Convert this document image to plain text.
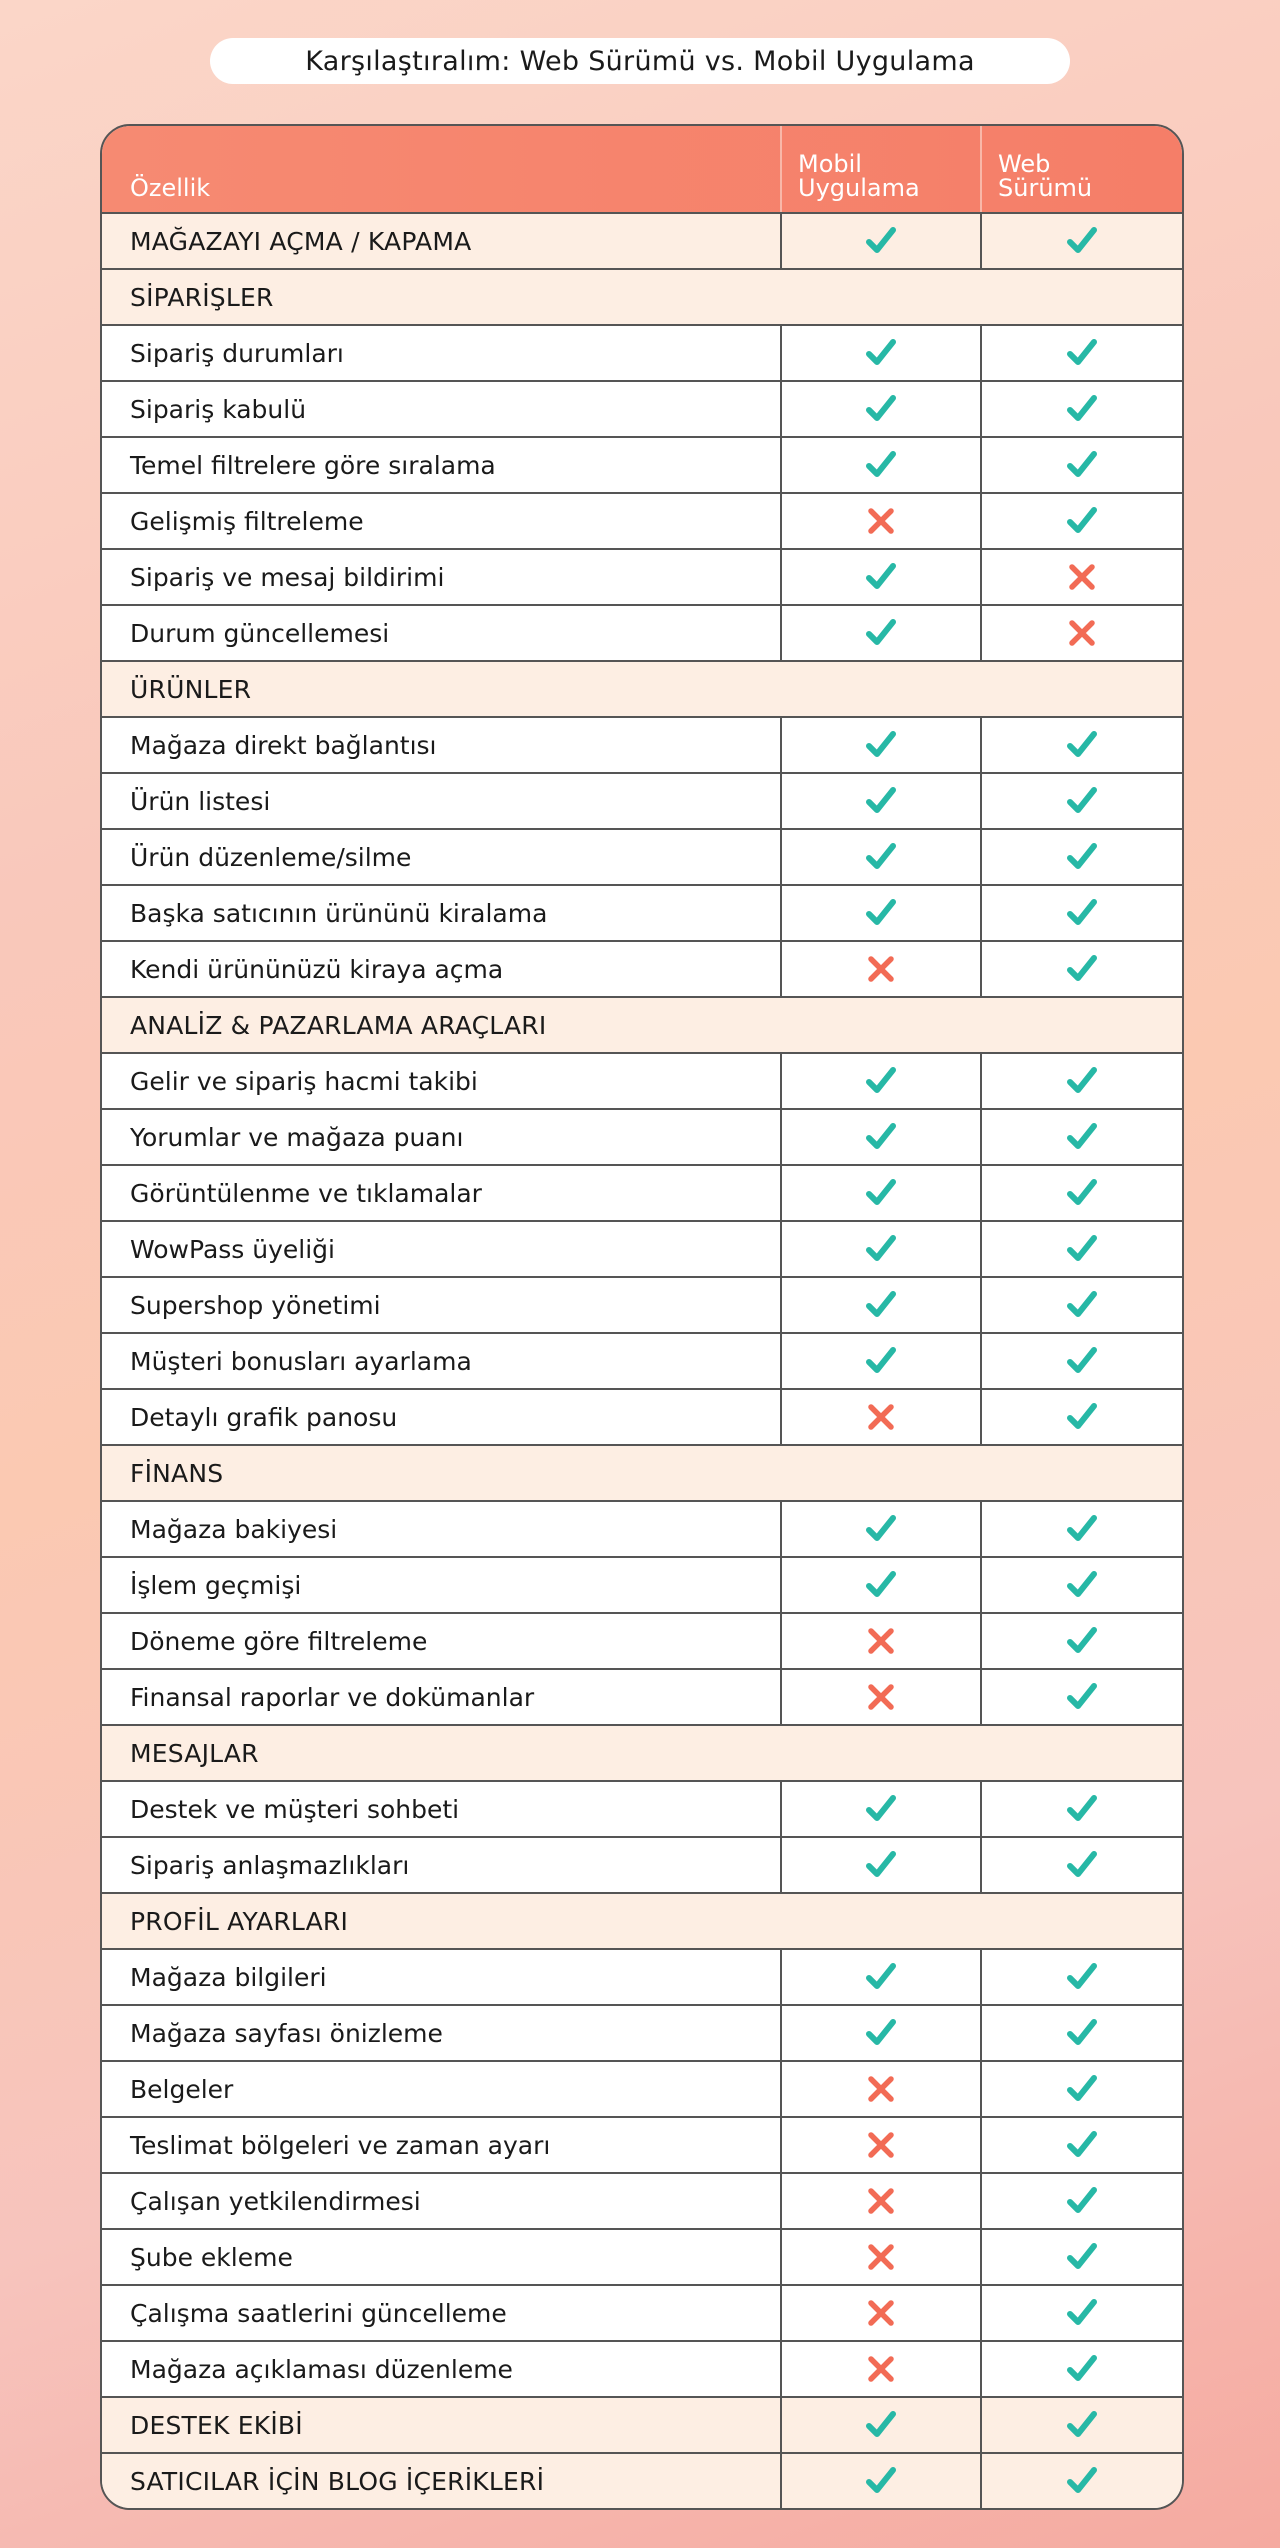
Karşılaştıralım: Web Sürümü vs. Mobil Uygulama
Özellik
Mobil
Uygulama
Web
Sürümü
MAĞAZAYI AÇMA / KAPAMA
SİPARİŞLER
Sipariş durumları
Sipariş kabulü
Temel filtrelere göre sıralama
Gelişmiş filtreleme
Sipariş ve mesaj bildirimi
Durum güncellemesi
ÜRÜNLER
Mağaza direkt bağlantısı
Ürün listesi
Ürün düzenleme/silme
Başka satıcının ürününü kiralama
Kendi ürününüzü kiraya açma
ANALİZ & PAZARLAMA ARAÇLARI
Gelir ve sipariş hacmi takibi
Yorumlar ve mağaza puanı
Görüntülenme ve tıklamalar
WowPass üyeliği
Supershop yönetimi
Müşteri bonusları ayarlama
Detaylı grafik panosu
FİNANS
Mağaza bakiyesi
İşlem geçmişi
Döneme göre filtreleme
Finansal raporlar ve dokümanlar
MESAJLAR
Destek ve müşteri sohbeti
Sipariş anlaşmazlıkları
PROFİL AYARLARI
Mağaza bilgileri
Mağaza sayfası önizleme
Belgeler
Teslimat bölgeleri ve zaman ayarı
Çalışan yetkilendirmesi
Şube ekleme
Çalışma saatlerini güncelleme
Mağaza açıklaması düzenleme
DESTEK EKİBİ
SATICILAR İÇİN BLOG İÇERİKLERİ
